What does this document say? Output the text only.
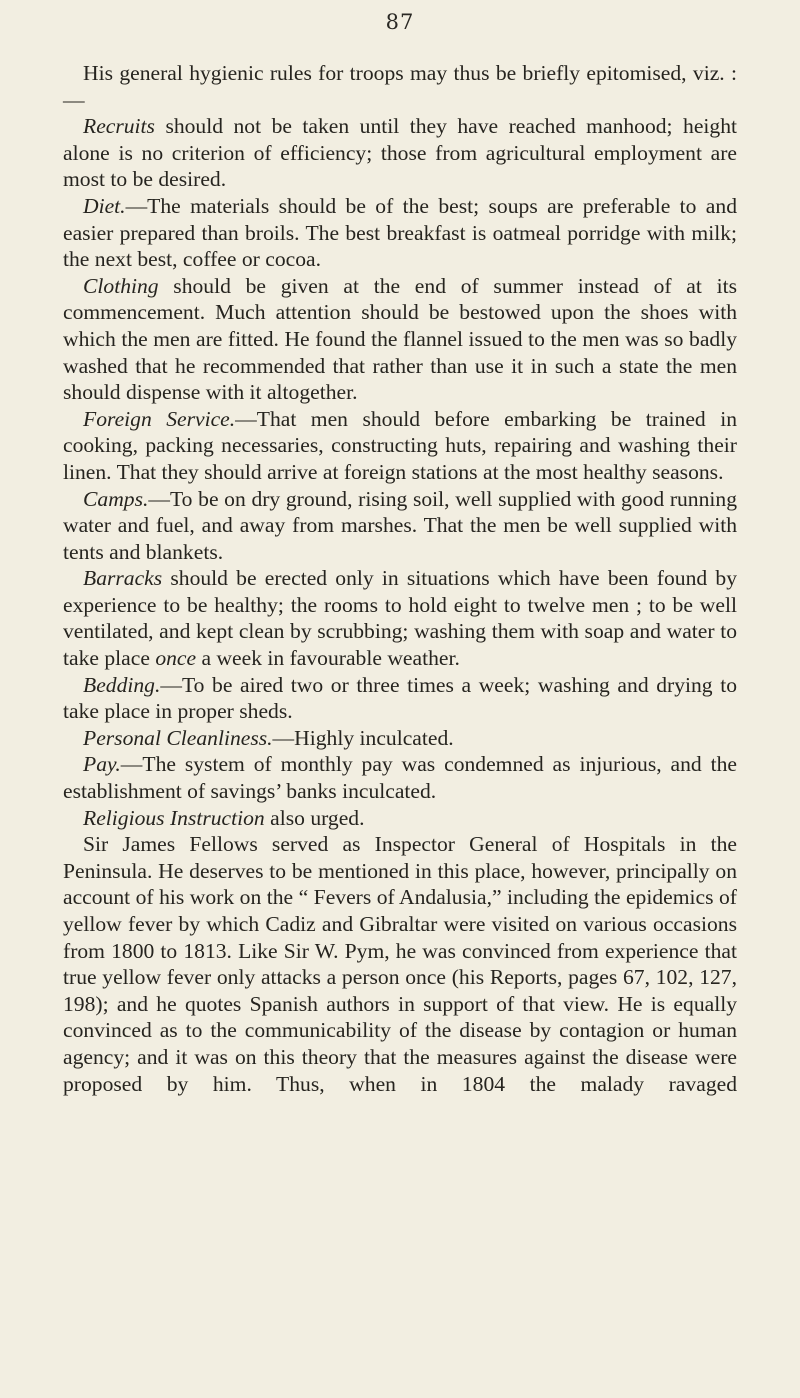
87

His general hygienic rules for troops may thus be briefly epitomised, viz. :—

Recruits should not be taken until they have reached manhood; height alone is no criterion of efficiency; those from agricultural employment are most to be desired.

Diet.—The materials should be of the best; soups are preferable to and easier prepared than broils. The best breakfast is oatmeal porridge with milk; the next best, coffee or cocoa.

Clothing should be given at the end of summer instead of at its commencement. Much attention should be bestowed upon the shoes with which the men are fitted. He found the flannel issued to the men was so badly washed that he recommended that rather than use it in such a state the men should dispense with it altogether.

Foreign Service.—That men should before embarking be trained in cooking, packing necessaries, constructing huts, repairing and washing their linen. That they should arrive at foreign stations at the most healthy seasons.

Camps.—To be on dry ground, rising soil, well supplied with good running water and fuel, and away from marshes. That the men be well supplied with tents and blankets.

Barracks should be erected only in situations which have been found by experience to be healthy; the rooms to hold eight to twelve men ; to be well ventilated, and kept clean by scrubbing; washing them with soap and water to take place once a week in favourable weather.

Bedding.—To be aired two or three times a week; washing and drying to take place in proper sheds.

Personal Cleanliness.—Highly inculcated.

Pay.—The system of monthly pay was condemned as injurious, and the establishment of savings’ banks inculcated.

Religious Instruction also urged.

Sir James Fellows served as Inspector General of Hospitals in the Peninsula. He deserves to be mentioned in this place, however, principally on account of his work on the “ Fevers of Andalusia,” including the epidemics of yellow fever by which Cadiz and Gibraltar were visited on various occasions from 1800 to 1813. Like Sir W. Pym, he was convinced from experience that true yellow fever only attacks a person once (his Reports, pages 67, 102, 127, 198); and he quotes Spanish authors in support of that view. He is equally convinced as to the communicability of the disease by contagion or human agency; and it was on this theory that the measures against the disease were proposed by him. Thus, when in 1804 the malady ravaged
